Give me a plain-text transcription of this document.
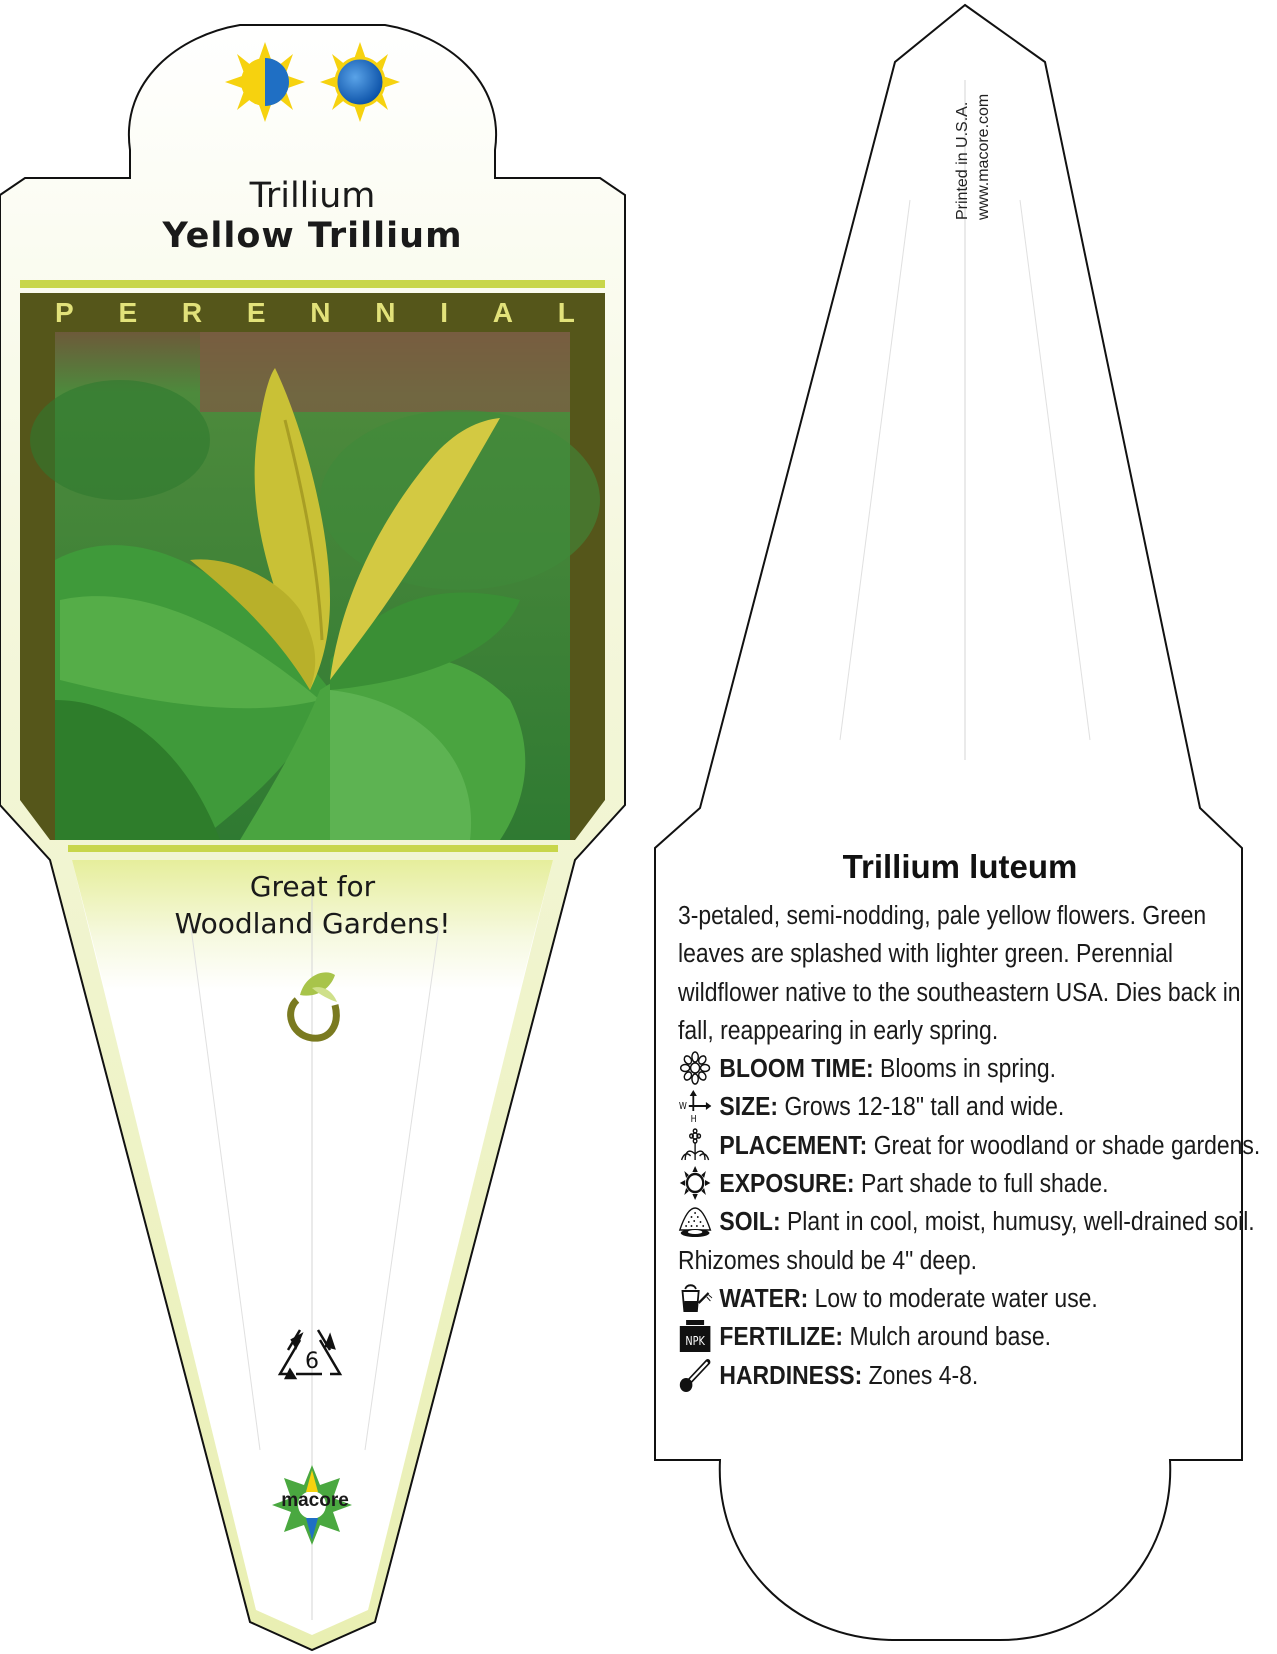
Trillium
Yellow Trillium
P E R E N N I A L
Great for
Woodland Gardens!
6
macore
Printed in U.S.A. www.macore.com
Trillium luteum

3-petaled, semi-nodding, pale yellow flowers. Green leaves are splashed with lighter green. Perennial wildflower native to the southeastern USA. Dies back in fall, reappearing in early spring.

BLOOM TIME: Blooms in spring.

W
H SIZE: Grows 12-18" tall and wide.

PLACEMENT: Great for woodland or shade gardens.

EXPOSURE: Part shade to full shade.

SOIL: Plant in cool, moist, humusy, well-drained soil. Rhizomes should be 4" deep.

WATER: Low to moderate water use.

NPK FERTILIZE: Mulch around base.

HARDINESS: Zones 4-8.
